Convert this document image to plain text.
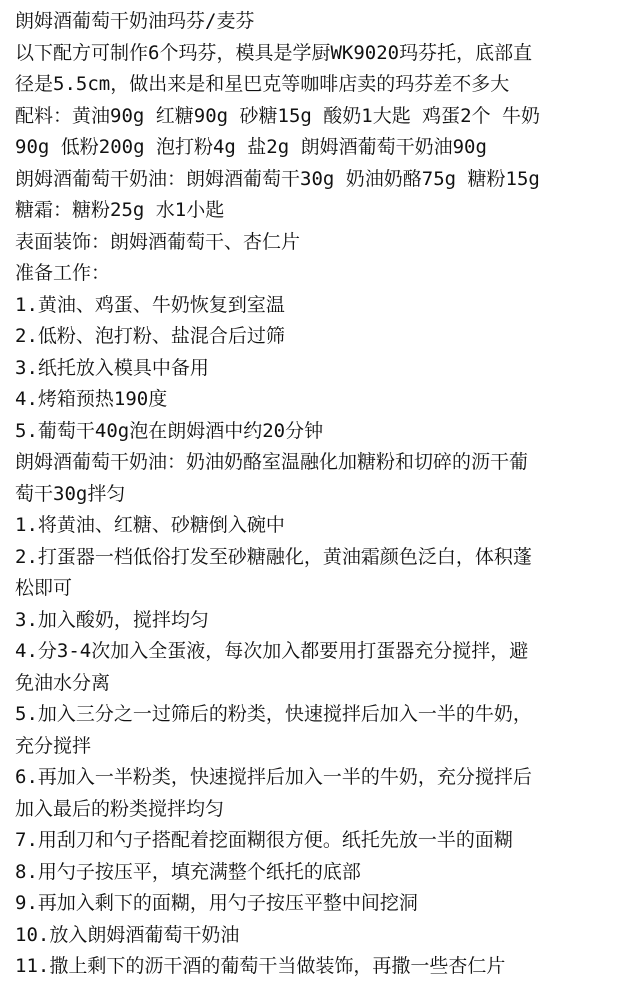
朗姆酒葡萄干奶油玛芬/麦芬
以下配方可制作6个玛芬，模具是学厨WK9020玛芬托，底部直
径是5.5cm，做出来是和星巴克等咖啡店卖的玛芬差不多大
配料：黄油90g 红糖90g 砂糖15g 酸奶1大匙 鸡蛋2个 牛奶
90g 低粉200g 泡打粉4g 盐2g 朗姆酒葡萄干奶油90g
朗姆酒葡萄干奶油：朗姆酒葡萄干30g 奶油奶酪75g 糖粉15g
糖霜：糖粉25g 水1小匙
表面装饰：朗姆酒葡萄干、杏仁片
准备工作：
1.黄油、鸡蛋、牛奶恢复到室温
2.低粉、泡打粉、盐混合后过筛
3.纸托放入模具中备用
4.烤箱预热190度
5.葡萄干40g泡在朗姆酒中约20分钟
朗姆酒葡萄干奶油：奶油奶酪室温融化加糖粉和切碎的沥干葡
萄干30g拌匀
1.将黄油、红糖、砂糖倒入碗中
2.打蛋器一档低俗打发至砂糖融化，黄油霜颜色泛白，体积蓬
松即可
3.加入酸奶，搅拌均匀
4.分3-4次加入全蛋液，每次加入都要用打蛋器充分搅拌，避
免油水分离
5.加入三分之一过筛后的粉类，快速搅拌后加入一半的牛奶，
充分搅拌
6.再加入一半粉类，快速搅拌后加入一半的牛奶，充分搅拌后
加入最后的粉类搅拌均匀
7.用刮刀和勺子搭配着挖面糊很方便。纸托先放一半的面糊
8.用勺子按压平，填充满整个纸托的底部
9.再加入剩下的面糊，用勺子按压平整中间挖洞
10.放入朗姆酒葡萄干奶油
11.撒上剩下的沥干酒的葡萄干当做装饰，再撒一些杏仁片
